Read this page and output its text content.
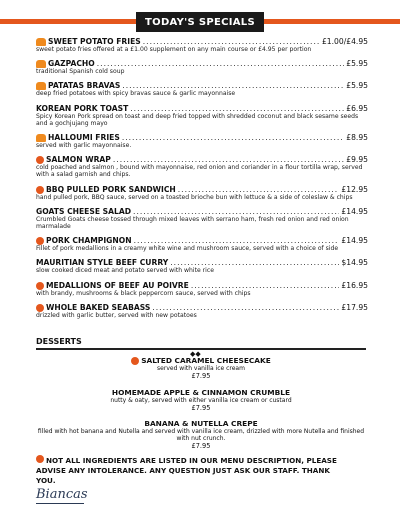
TODAY'S SPECIALS
SWEET POTATO FRIES .....	£1.00/£4.95
sweet potato fries offered at a £1.00 supplement on any main course or £4.95 per portion
GAZPACHO .....	£5.95
traditional Spanish cold soup
PATATAS BRAVAS .....	£5.95
deep fried potatoes with spicy bravas sauce & garlic mayonnaise
KOREAN PORK TOAST .....	£6.95
Spicy Korean Pork spread on toast and deep fried topped with shredded coconut and black sesame seeds and a gochjujang mayo
HALLOUMI FRIES .....	£8.95
served with garlic mayonnaise.
SALMON WRAP .....	£9.95
cold poached and salmon , bound with mayonnaise, red onion and coriander in a flour tortilla wrap, served with a salad garnish and chips.
BBQ PULLED PORK SANDWICH .....	£12.95
hand pulled pork, BBQ sauce, served on a toasted brioche bun with lettuce & a side of coleslaw & chips
GOATS CHEESE SALAD .....	£14.95
Crumbled Goats cheese tossed through mixed leaves with serrano ham, fresh red onion and red onion marmalade
PORK CHAMPIGNON .....	£14.95
Fillet of pork medallions in a creamy white wine and mushroom sauce, served with a choice of side
MAURITIAN STYLE BEEF CURRY .....	$14.95
slow cooked diced meat and potato served with white rice
MEDALLIONS OF BEEF AU POIVRE .....	£16.95
with brandy, mushrooms & black peppercorn sauce, served with chips
WHOLE BAKED SEABASS .....	£17.95
drizzled with garlic butter, served with new potatoes
DESSERTS
◆◆
SALTED CARAMEL CHEESECAKE
served with vanilla ice cream
£7.95
HOMEMADE APPLE & CINNAMON CRUMBLE
nutty & oaty, served with either vanilla ice cream or custard
£7.95
BANANA & NUTELLA CREPE
filled with hot banana and Nutella and served with vanilla ice cream, drizzled with more Nutella and finished with nut crunch.
£7.95
NOT ALL INGREDIENTS ARE LISTED IN OUR MENU DESCRIPTION, PLEASE ADVISE ANY INTOLERANCE. ANY QUESTION JUST ASK OUR STAFF. THANK YOU.
Biancas
